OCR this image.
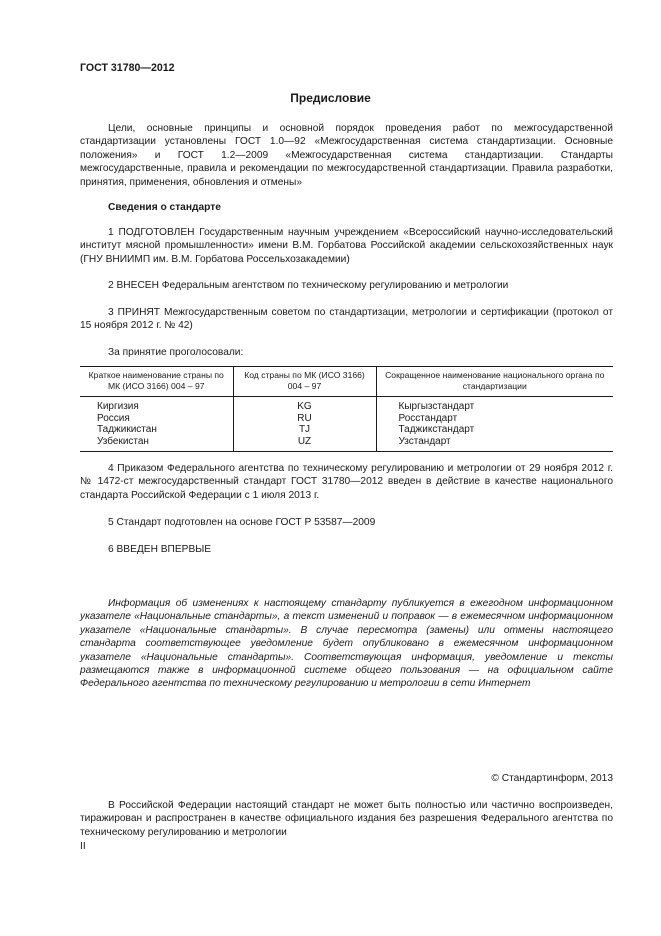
ГОСТ 31780—2012
Предисловие
Цели, основные принципы и основной порядок проведения работ по межгосударственной стандартизации установлены ГОСТ 1.0—92 «Межгосударственная система стандартизации. Основные положения» и ГОСТ 1.2—2009 «Межгосударственная система стандартизации. Стандарты межгосударственные, правила и рекомендации по межгосударственной стандартизации. Правила разработки, принятия, применения, обновления и отмены»
Сведения о стандарте
1 ПОДГОТОВЛЕН Государственным научным учреждением «Всероссийский научно-исследовательский институт мясной промышленности» имени В.М. Горбатова Российской академии сельскохозяйственных наук (ГНУ ВНИИМП им. В.М. Горбатова Россельхозакадемии)
2 ВНЕСЕН Федеральным агентством по техническому регулированию и метрологии
3 ПРИНЯТ Межгосударственным советом по стандартизации, метрологии и сертификации (протокол от 15 ноября 2012 г. № 42)
За принятие проголосовали:
Краткое наименование страны по МК (ИСО 3166) 004 – 97	Код страны по МК (ИСО 3166) 004 – 97	Сокращенное наименование национального органа по стандартизации
Киргизия	KG	Кыргызстандарт
Россия	RU	Росстандарт
Таджикистан	TJ	Таджикстандарт
Узбекистан	UZ	Узстандарт
4 Приказом Федерального агентства по техническому регулированию и метрологии от 29 ноября 2012 г. № 1472-ст межгосударственный стандарт ГОСТ 31780—2012 введен в действие в качестве национального стандарта Российской Федерации с 1 июля 2013 г.
5 Стандарт подготовлен на основе ГОСТ Р 53587—2009
6 ВВЕДЕН ВПЕРВЫЕ
Информация об изменениях к настоящему стандарту публикуется в ежегодном информационном указателе «Национальные стандарты», а текст изменений и поправок — в ежемесячном информационном указателе «Национальные стандарты». В случае пересмотра (замены) или отмены настоящего стандарта соответствующее уведомление будет опубликовано в ежемесячном информационном указателе «Национальные стандарты». Соответствующая информация, уведомление и тексты размещаются также в информационной системе общего пользования — на официальном сайте Федерального агентства по техническому регулированию и метрологии в сети Интернет
© Стандартинформ, 2013
В Российской Федерации настоящий стандарт не может быть полностью или частично воспроизведен, тиражирован и распространен в качестве официального издания без разрешения Федерального агентства по техническому регулированию и метрологии
II
